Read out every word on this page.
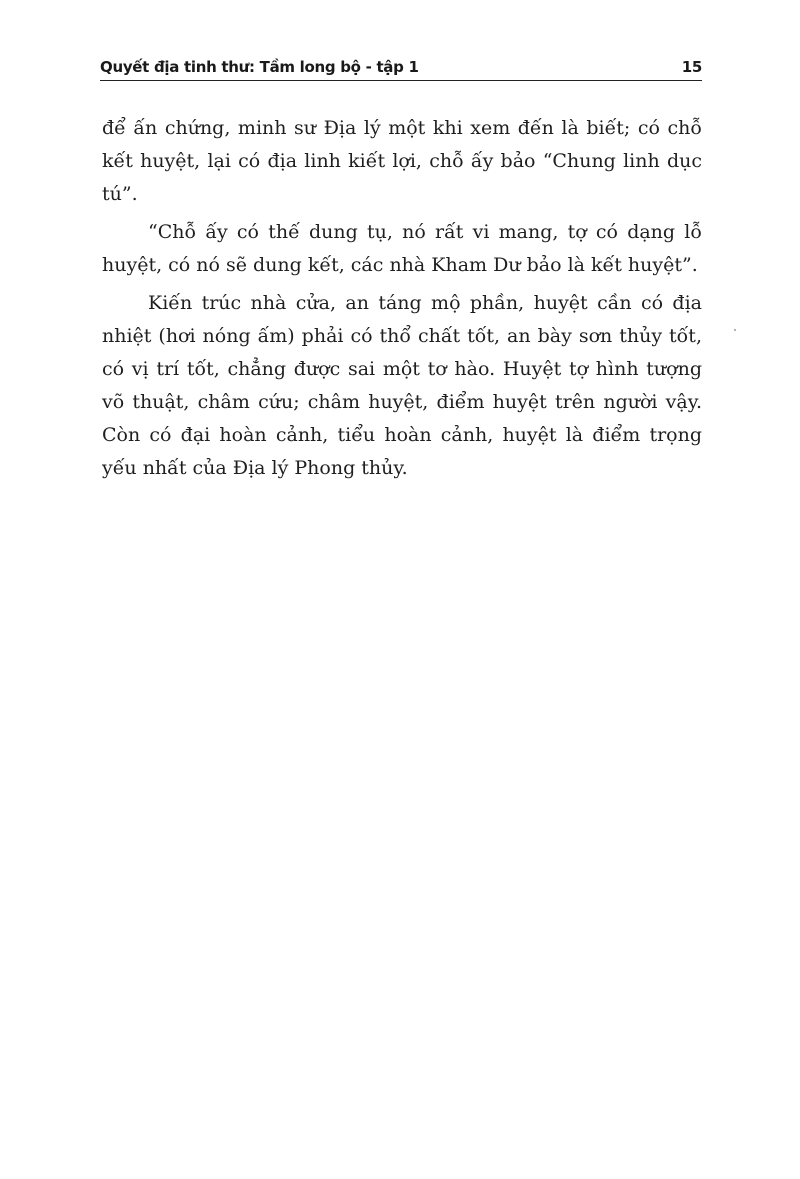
Quyết địa tinh thư: Tầm long bộ - tập 1	15

để ấn chứng, minh sư Địa lý một khi xem đến là biết; có chỗ kết huyệt, lại có địa linh kiết lợi, chỗ ấy bảo “Chung linh dục tú”.

“Chỗ ấy có thế dung tụ, nó rất vi mang, tợ có dạng lỗ huyệt, có nó sẽ dung kết, các nhà Kham Dư bảo là kết huyệt”.

Kiến trúc nhà cửa, an táng mộ phần, huyệt cần có địa nhiệt (hơi nóng ấm) phải có thổ chất tốt, an bày sơn thủy tốt, có vị trí tốt, chẳng được sai một tơ hào. Huyệt tợ hình tượng võ thuật, châm cứu; châm huyệt, điểm huyệt trên người vậy. Còn có đại hoàn cảnh, tiểu hoàn cảnh, huyệt là điểm trọng yếu nhất của Địa lý Phong thủy.
